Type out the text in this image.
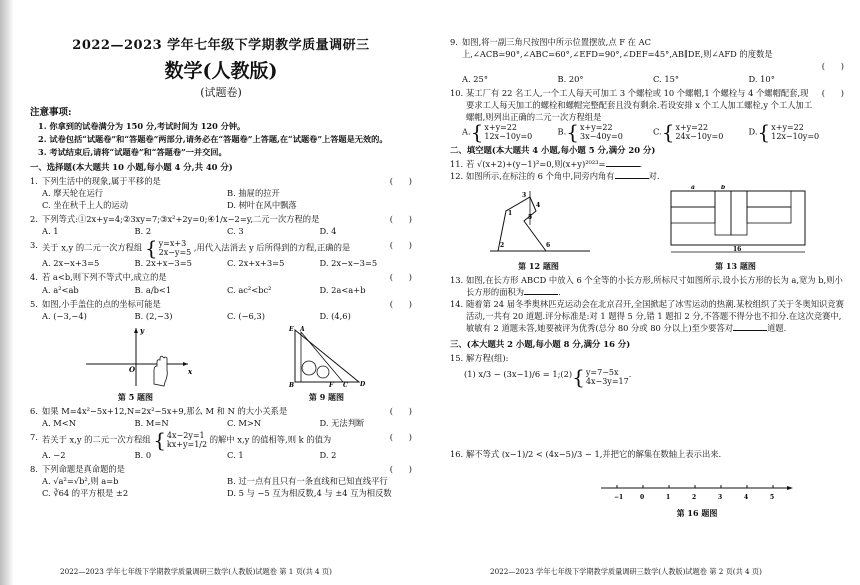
2022—2023 学年七年级下学期教学质量调研三

数学(人教版)

(试题卷)

注意事项:
1. 你拿到的试卷满分为 150 分,考试时间为 120 分钟。
2. 试卷包括“试题卷”和“答题卷”两部分,请务必在“答题卷”上答题,在“试题卷”上答题是无效的。
3. 考试结束后,请将“试题卷”和“答题卷”一并交回。
一、选择题(本大题共 10 小题,每小题 4 分,共 40 分)
1. 下列生活中的现象,属于平移的是	(      )
A. 摩天轮在运行	B. 抽屉的拉开
C. 坐在秋千上人的运动	D. 树叶在风中飘落
2. 下列等式:①2x+y=4;②3xy=7;③x²+2y=0;④1/x−2=y,二元一次方程的是	(      )
A. 1	B. 2	C. 3	D. 4
3. 关于 x,y 的二元一次方程组 { y=x+3
2x−y=5 ,用代入法消去 y 后所得到的方程,正确的是	(      )
A. 2x−x+3=5	B. 2x+x−3=5	C. 2x+x+3=5	D. 2x−x−3=5
4. 若 a<b,则下列不等式中,成立的是	(      )
A. a²<ab	B. a/b<1	C. ac²<bc²	D. 2a<a+b
5. 如图,小手盖住的点的坐标可能是	(      )
A. (−3,−4)	B. (2,−3)	C. (−6,3)	D. (4,6)
y
x
O
第 5 题图
E A
B	F C D
第 9 题图
6. 如果 M=4x²−5x+12,N=2x²−5x+9,那么 M 和 N 的大小关系是	(      )
A. M<N	B. M=N	C. M>N	D. 无法判断
7. 若关于 x,y 的二元一次方程组 { 4x−2y=1
kx+y=1/2 的解中 x,y 的值相等,则 k 的值为	(      )
A. −2	B. 0	C. 1	D. 2
8. 下列命题是真命题的是	(      )
A. √a²=√b²,则 a=b	B. 过一点有且只有一条直线和已知直线平行
C. ∛64 的平方根是 ±2	D. 5 与 −5 互为相反数,4 与 ±4 互为相反数
2022—2023 学年七年级下学期教学质量调研三数学(人教版)试题卷 第 1 页(共 4 页)
9. 如图,将一副三角尺按图中所示位置摆放,点 F 在 AC 上,∠ACB=90°,∠ABC=60°,∠EFD=90°,∠DEF=45°,AB∥DE,则∠AFD 的度数是
(      )
A. 25°	B. 20°	C. 15°	D. 10°
10. 某工厂有 22 名工人,一个工人每天可加工 3 个螺栓或 10 个螺帽,1 个螺栓与 4 个螺帽配套,现要求工人每天加工的螺栓和螺帽完整配套且没有剩余.若设安排 x 个工人加工螺栓,y 个工人加工螺帽,则列出正确的二元一次方程组是
(      )
A. { x+y=22
12x−10y=0	B. { x+y=22
3x−40y=0	C. { x+y=22
24x−10y=0	D. { x+y=22
12x−10y=0
二、填空题(本大题共 4 小题,每小题 5 分,满分 20 分)
11. 若 √(x+2)+(y−1)²=0,则(x+y)²⁰²³=	.
12. 如图所示,在标注的 6 个角中,同旁内角有	对.
3
4
5
1
2	6
第 12 题图
16
a	b
第 13 题图
13. 如图,在长方形 ABCD 中放入 6 个全等的小长方形,所标尺寸如图所示,设小长方形的长为 a,宽为 b,则小长方形的面积为	.
14. 随着第 24 届冬季奥林匹克运动会在北京召开,全国掀起了冰雪运动的热潮.某校组织了关于冬奥知识竞赛活动,一共有 20 道题.评分标准是:对 1 题得 5 分,错 1 题扣 2 分,不答题不得分也不扣分.在这次竞赛中,敏敏有 2 道题未答,她要被评为优秀(总分 80 分或 80 分以上)至少要答对	道题.
三、(本大题共 2 小题,每小题 8 分,满分 16 分)
15. 解方程(组):
(1) x/3 − (3x−1)/6 = 1;(2) { y=7−5x
4x−3y=17
.
16. 解不等式 (x−1)/2 < (4x−5)/3 − 1,并把它的解集在数轴上表示出来.
−1	0	1	2	3	4	5
第 16 题图
2022—2023 学年七年级下学期教学质量调研三数学(人教版)试题卷 第 2 页(共 4 页)
